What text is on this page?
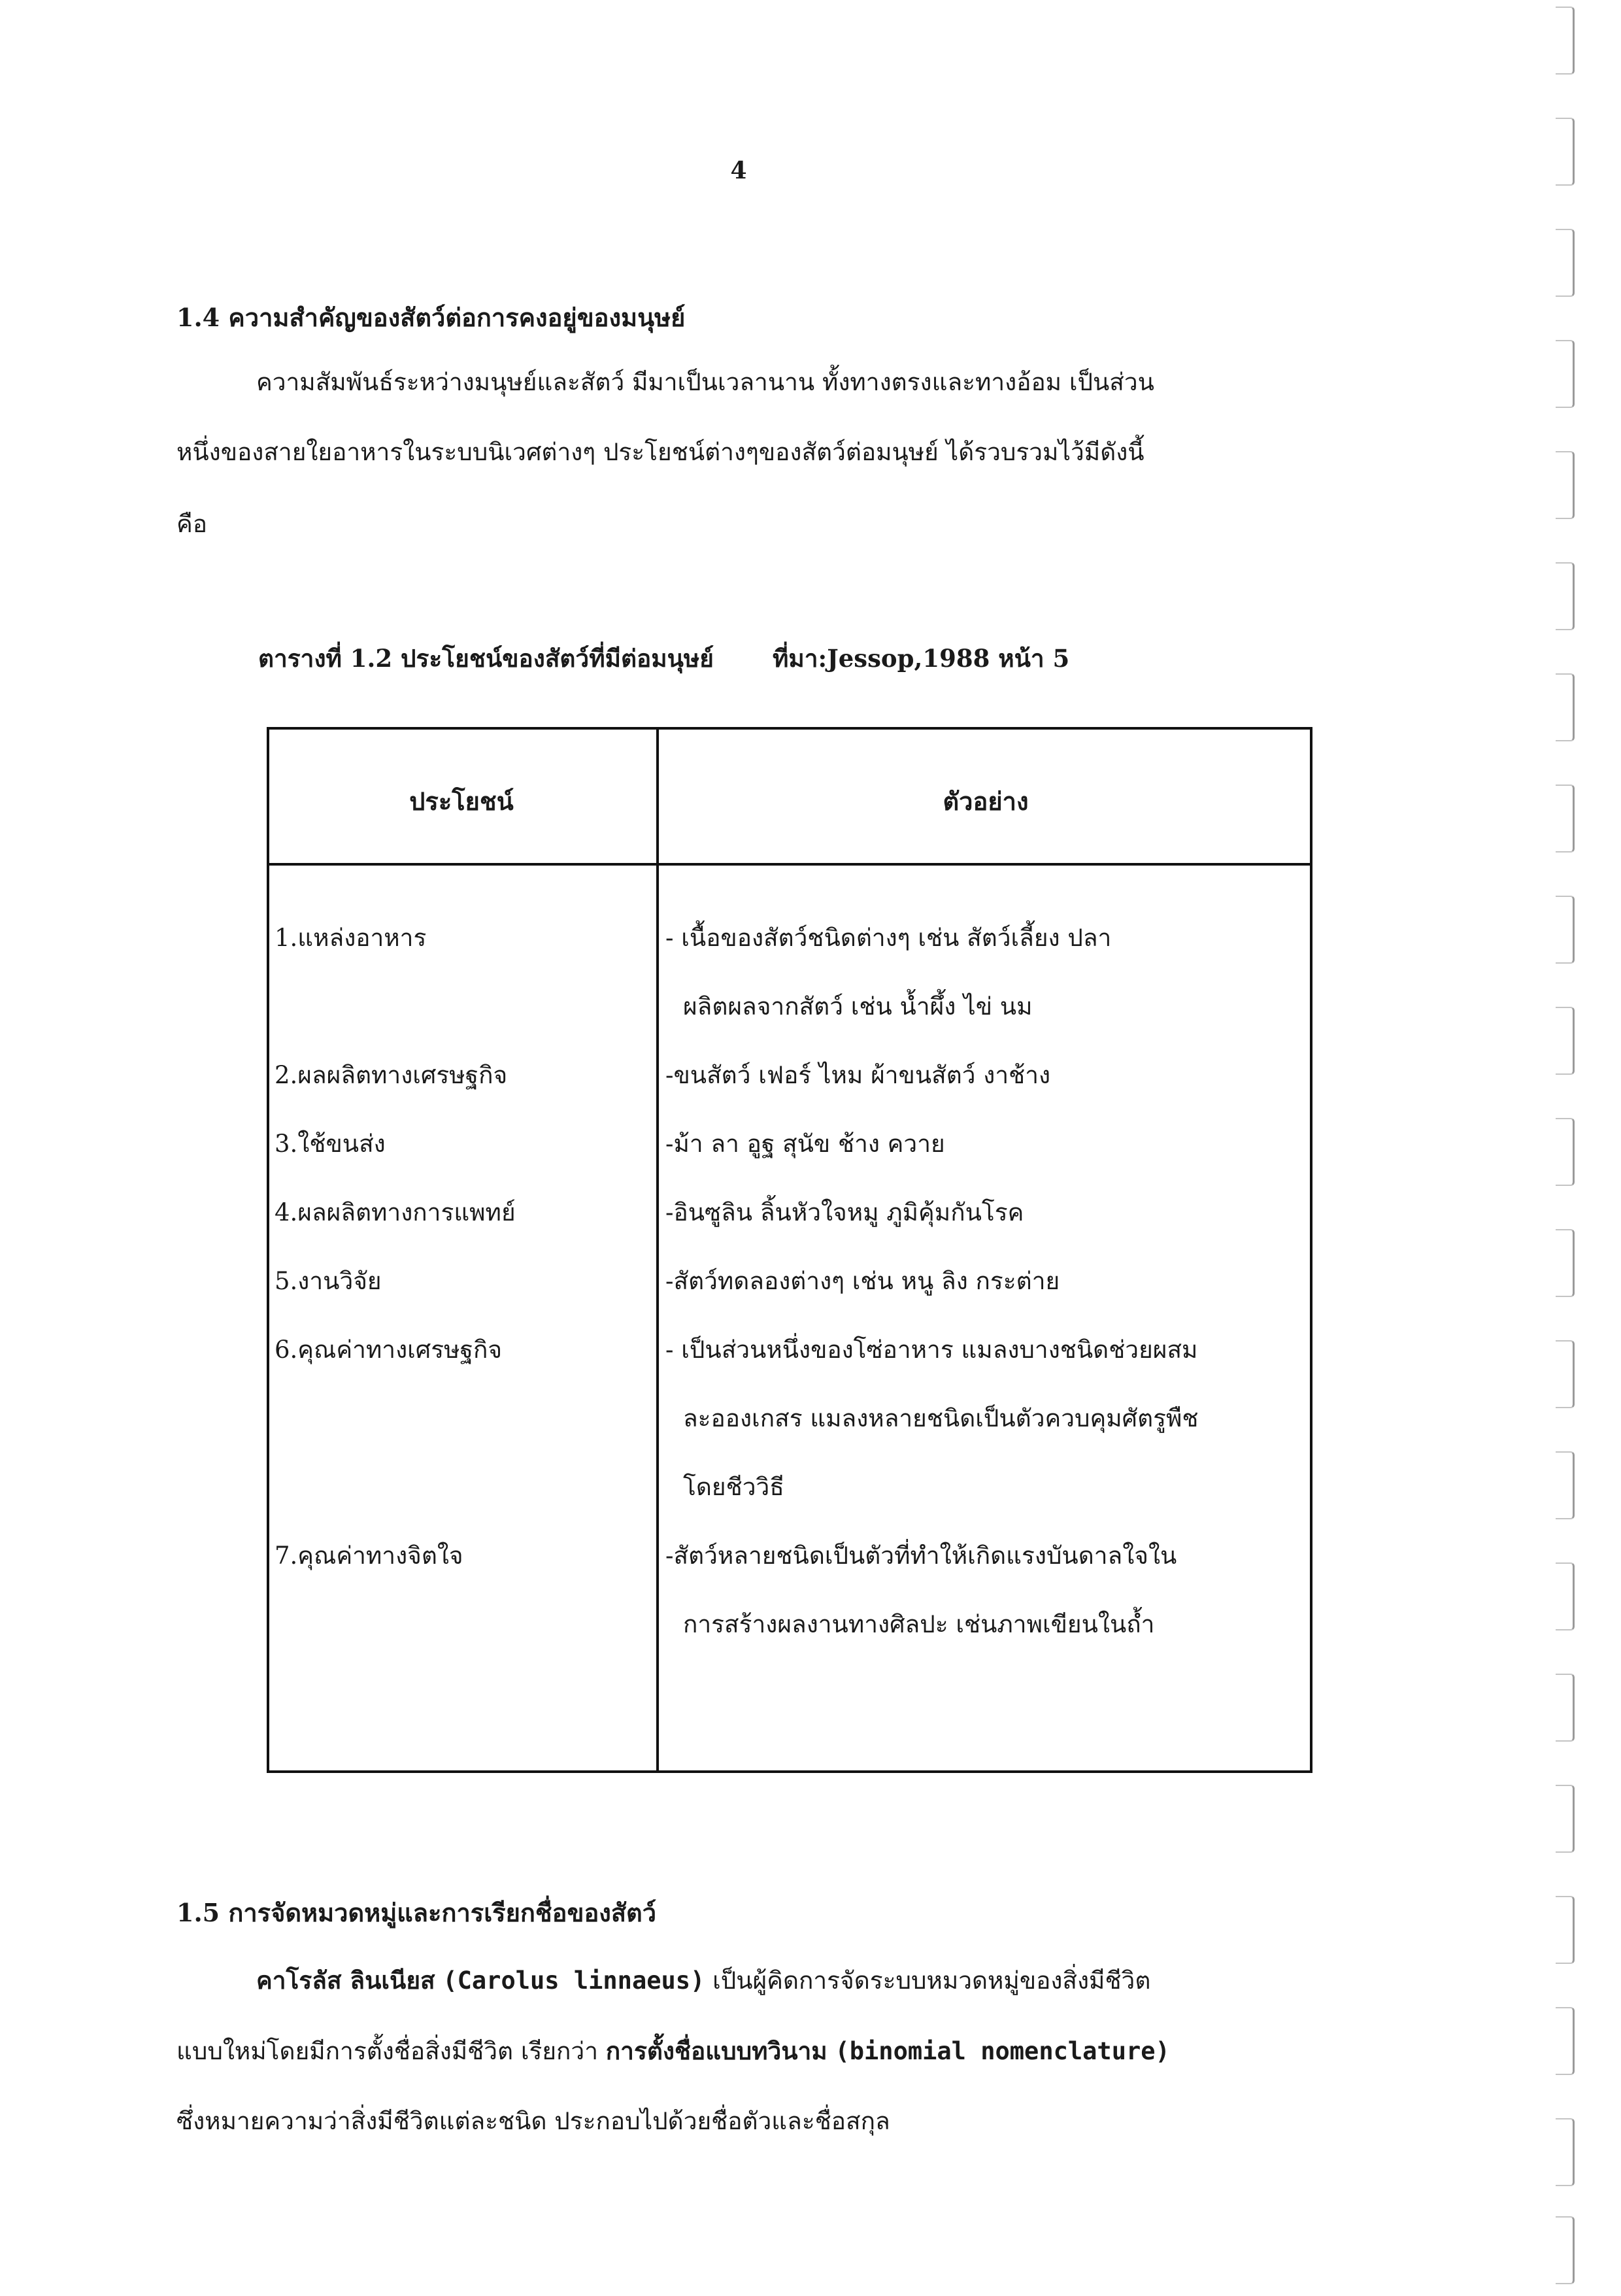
4
1.4 ความสำคัญของสัตว์ต่อการคงอยู่ของมนุษย์
ความสัมพันธ์ระหว่างมนุษย์และสัตว์ มีมาเป็นเวลานาน ทั้งทางตรงและทางอ้อม เป็นส่วน
หนึ่งของสายใยอาหารในระบบนิเวศต่างๆ ประโยชน์ต่างๆของสัตว์ต่อมนุษย์ ได้รวบรวมไว้มีดังนี้
คือ
ตารางที่ 1.2 ประโยชน์ของสัตว์ที่มีต่อมนุษย์ ที่มา:Jessop,1988 หน้า 5
ประโยชน์	ตัวอย่าง
1.แหล่งอาหาร	- เนื้อของสัตว์ชนิดต่างๆ เช่น สัตว์เลี้ยง ปลา
ผลิตผลจากสัตว์ เช่น น้ำผึ้ง ไข่ นม
2.ผลผลิตทางเศรษฐกิจ	-ขนสัตว์ เฟอร์ ไหม ผ้าขนสัตว์ งาช้าง
3.ใช้ขนส่ง	-ม้า ลา อูฐ สุนัข ช้าง ควาย
4.ผลผลิตทางการแพทย์	-อินซูลิน ลิ้นหัวใจหมู ภูมิคุ้มกันโรค
5.งานวิจัย	-สัตว์ทดลองต่างๆ เช่น หนู ลิง กระต่าย
6.คุณค่าทางเศรษฐกิจ	- เป็นส่วนหนึ่งของโซ่อาหาร แมลงบางชนิดช่วยผสม
ละอองเกสร แมลงหลายชนิดเป็นตัวควบคุมศัตรูพืช
โดยชีววิธี
7.คุณค่าทางจิตใจ	-สัตว์หลายชนิดเป็นตัวที่ทำให้เกิดแรงบันดาลใจใน
การสร้างผลงานทางศิลปะ เช่นภาพเขียนในถ้ำ
1.5 การจัดหมวดหมู่และการเรียกชื่อของสัตว์
คาโรลัส ลินเนียส (Carolus linnaeus) เป็นผู้คิดการจัดระบบหมวดหมู่ของสิ่งมีชีวิต
แบบใหม่โดยมีการตั้งชื่อสิ่งมีชีวิต เรียกว่า การตั้งชื่อแบบทวินาม (binomial nomenclature)
ซึ่งหมายความว่าสิ่งมีชีวิตแต่ละชนิด ประกอบไปด้วยชื่อตัวและชื่อสกุล
